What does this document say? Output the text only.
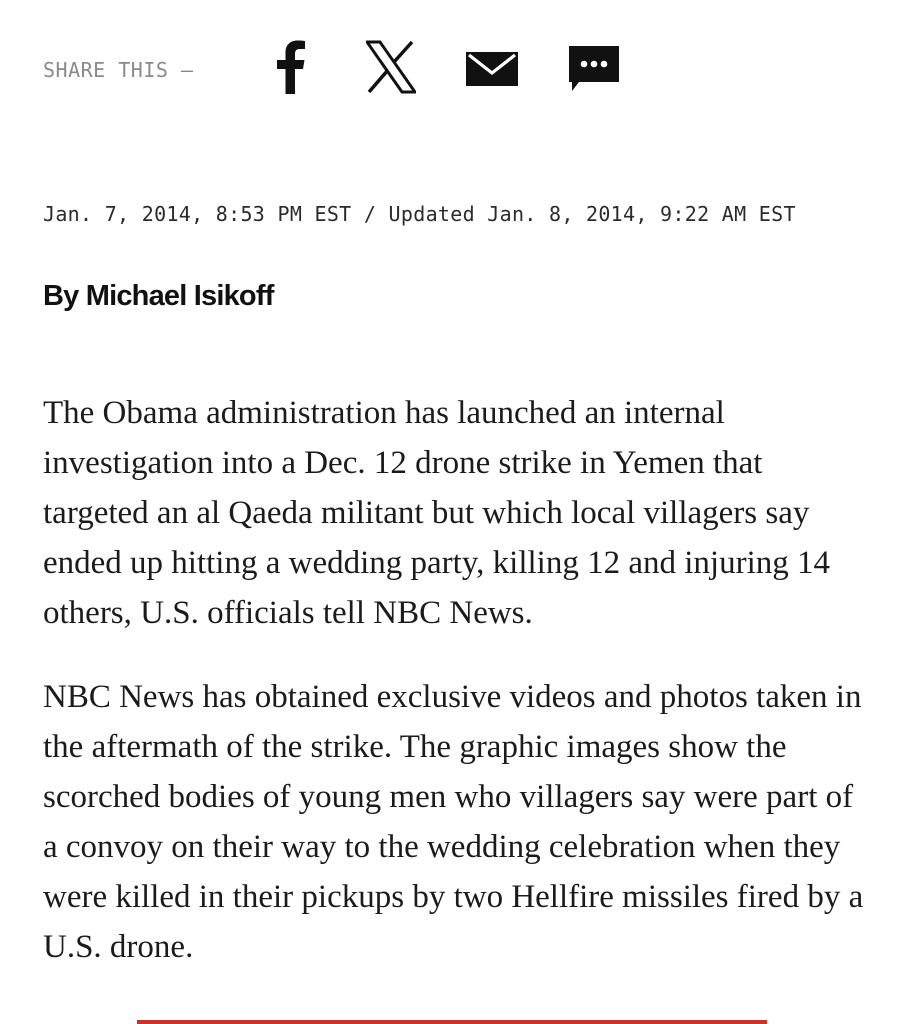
SHARE THIS —
Jan. 7, 2014, 8:53 PM EST / Updated Jan. 8, 2014, 9:22 AM EST
By Michael Isikoff

The Obama administration has launched an internal investigation into a Dec. 12 drone strike in Yemen that targeted an al Qaeda militant but which local villagers say ended up hitting a wedding party, killing 12 and injuring 14 others, U.S. officials tell NBC News.

NBC News has obtained exclusive videos and photos taken in the aftermath of the strike. The graphic images show the scorched bodies of young men who villagers say were part of a convoy on their way to the wedding celebration when they were killed in their pickups by two Hellfire missiles fired by a U.S. drone.
